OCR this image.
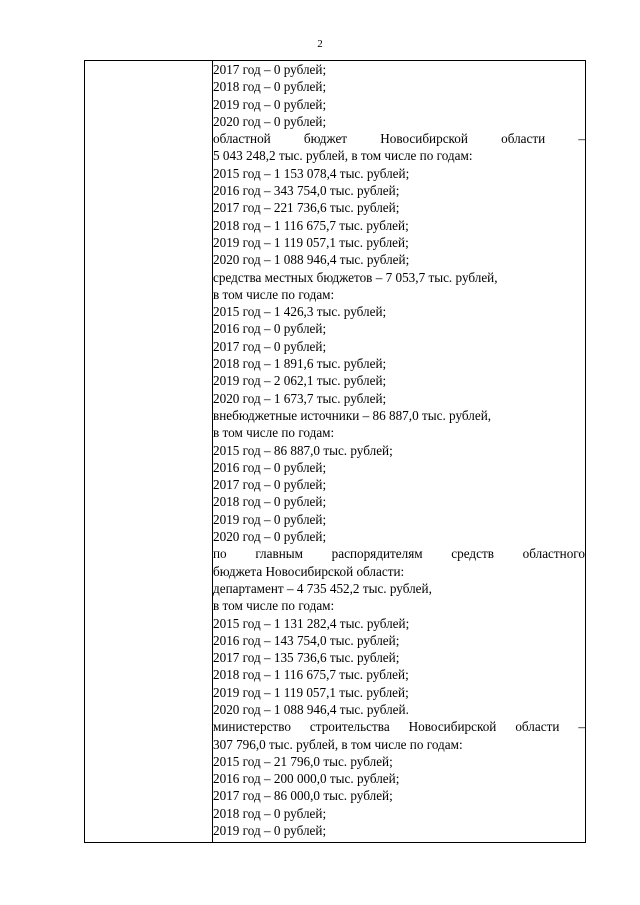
2

2017 год – 0 рублей;
2018 год – 0 рублей;
2019 год – 0 рублей;
2020 год – 0 рублей;
областной бюджет Новосибирской области –
5 043 248,2 тыс. рублей, в том числе по годам:
2015 год – 1 153 078,4 тыс. рублей;
2016 год – 343 754,0 тыс. рублей;
2017 год – 221 736,6 тыс. рублей;
2018 год – 1 116 675,7 тыс. рублей;
2019 год – 1 119 057,1 тыс. рублей;
2020 год – 1 088 946,4 тыс. рублей;
средства местных бюджетов – 7 053,7 тыс. рублей,
в том числе по годам:
2015 год – 1 426,3 тыс. рублей;
2016 год – 0 рублей;
2017 год – 0 рублей;
2018 год – 1 891,6 тыс. рублей;
2019 год – 2 062,1 тыс. рублей;
2020 год – 1 673,7 тыс. рублей;
внебюджетные источники – 86 887,0 тыс. рублей,
в том числе по годам:
2015 год – 86 887,0 тыс. рублей;
2016 год – 0 рублей;
2017 год – 0 рублей;
2018 год – 0 рублей;
2019 год – 0 рублей;
2020 год – 0 рублей;
по главным распорядителям средств областного
бюджета Новосибирской области:
департамент – 4 735 452,2 тыс. рублей,
в том числе по годам:
2015 год – 1 131 282,4 тыс. рублей;
2016 год – 143 754,0 тыс. рублей;
2017 год – 135 736,6 тыс. рублей;
2018 год – 1 116 675,7 тыс. рублей;
2019 год – 1 119 057,1 тыс. рублей;
2020 год – 1 088 946,4 тыс. рублей.
министерство строительства Новосибирской области –
307 796,0 тыс. рублей, в том числе по годам:
2015 год – 21 796,0 тыс. рублей;
2016 год – 200 000,0 тыс. рублей;
2017 год – 86 000,0 тыс. рублей;
2018 год – 0 рублей;
2019 год – 0 рублей;
